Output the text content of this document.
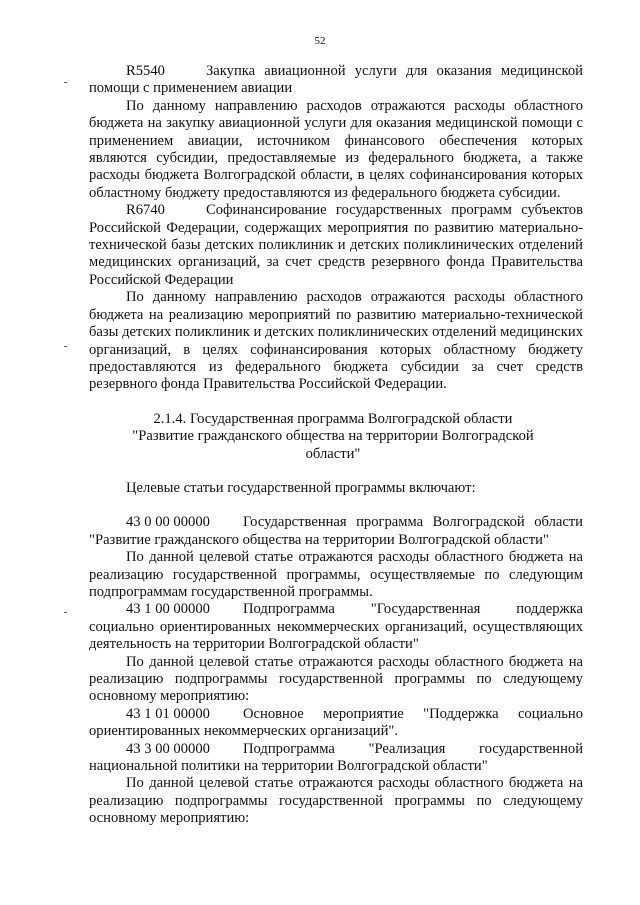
52

R5540	Закупка авиационной услуги для оказания медицинской помощи с применением авиации

По данному направлению расходов отражаются расходы областного бюджета на закупку авиационной услуги для оказания медицинской помощи с применением авиации, источником финансового обеспечения которых являются субсидии, предоставляемые из федерального бюджета, а также расходы бюджета Волгоградской области, в целях софинансирования которых областному бюджету предоставляются из федерального бюджета субсидии.

R6740	Софинансирование государственных программ субъектов Российской Федерации, содержащих мероприятия по развитию материально-технической базы детских поликлиник и детских поликлинических отделений медицинских организаций, за счет средств резервного фонда Правительства Российской Федерации

По данному направлению расходов отражаются расходы областного бюджета на реализацию мероприятий по развитию материально-технической базы детских поликлиник и детских поликлинических отделений медицинских организаций, в целях софинансирования которых областному бюджету предоставляются из федерального бюджета субсидии за счет средств резервного фонда Правительства Российской Федерации.

2.1.4. Государственная программа Волгоградской области "Развитие гражданского общества на территории Волгоградской области"

Целевые статьи государственной программы включают:

43 0 00 00000 Государственная программа Волгоградской области "Развитие гражданского общества на территории Волгоградской области"

По данной целевой статье отражаются расходы областного бюджета на реализацию государственной программы, осуществляемые по следующим подпрограммам государственной программы.

43 1 00 00000 Подпрограмма "Государственная поддержка социально ориентированных некоммерческих организаций, осуществляющих деятельность на территории Волгоградской области"

По данной целевой статье отражаются расходы областного бюджета на реализацию подпрограммы государственной программы по следующему основному мероприятию:

43 1 01 00000 Основное мероприятие "Поддержка социально ориентированных некоммерческих организаций".

43 3 00 00000 Подпрограмма "Реализация государственной национальной политики на территории Волгоградской области"

По данной целевой статье отражаются расходы областного бюджета на реализацию подпрограммы государственной программы по следующему основному мероприятию:
